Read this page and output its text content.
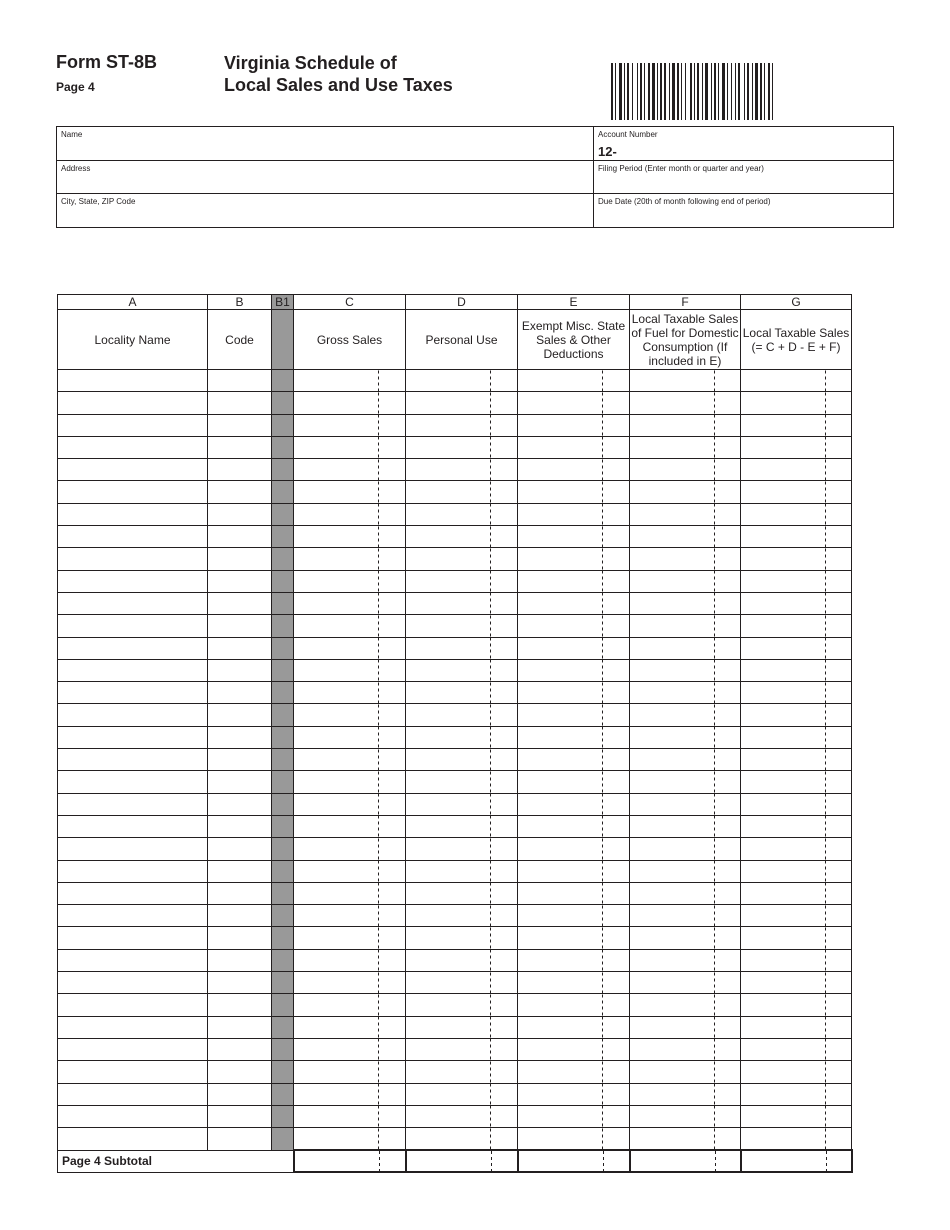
Form ST-8B
Page 4
Virginia Schedule of
Local Sales and Use Taxes
Name	Account Number
12-
Address	Filing Period (Enter month or quarter and year)
City, State, ZIP Code	Due Date (20th of month following end of period)
A	B	B1	C	D	E	F	G
Locality Name	Code		Gross Sales	Personal Use	Exempt Misc. State Sales & Other Deductions	Local Taxable Sales of Fuel for Domestic Consumption (If included in E)	Local Taxable Sales (= C + D - E + F)

Page 4 Subtotal							
